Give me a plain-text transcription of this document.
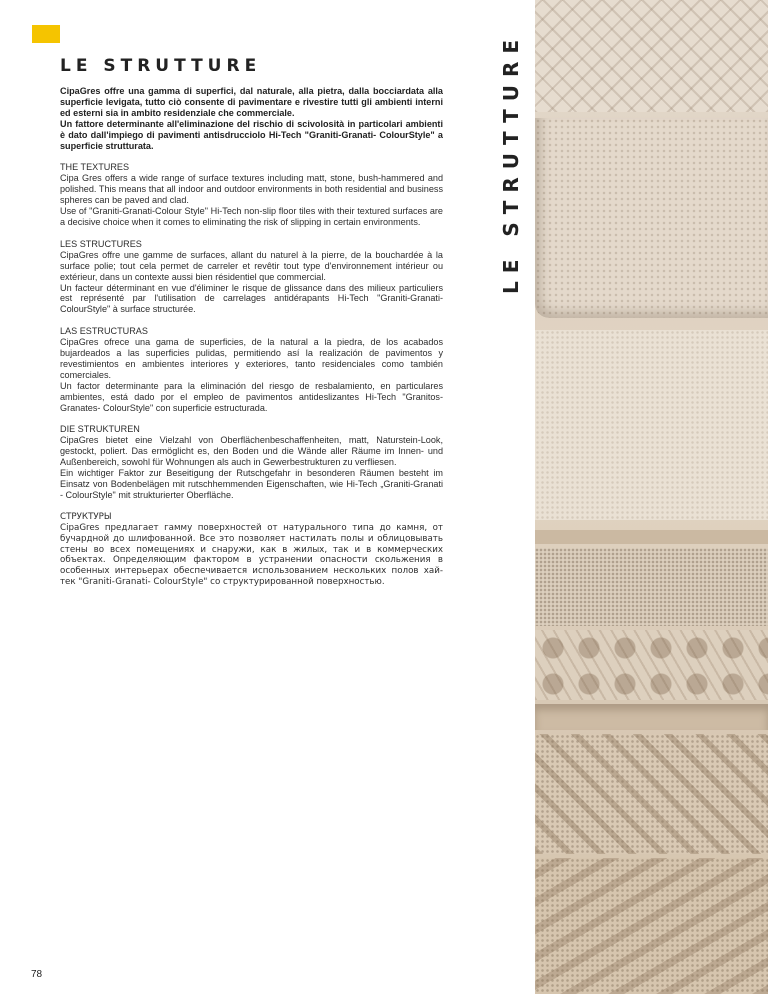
LE STRUTTURE

CipaGres offre una gamma di superfici, dal naturale, alla pietra, dalla bocciardata alla superficie levigata, tutto ciò consente di pavimentare e rivestire tutti gli ambienti interni ed esterni sia in ambito residenziale che commerciale.
Un fattore determinante all'eliminazione del rischio di scivolosità in particolari ambienti è dato dall'impiego di pavimenti antisdrucciolo Hi-Tech "Graniti-Granati- ColourStyle" a superficie strutturata.

THE TEXTURES
Cipa Gres offers a wide range of surface textures including matt, stone, bush-hammered and polished. This means that all indoor and outdoor environments in both residential and business spheres can be paved and clad.
Use of "Graniti-Granati-Colour Style" Hi-Tech non-slip floor tiles with their textured surfaces are a decisive choice when it comes to eliminating the risk of slipping in certain environments.

LES STRUCTURES
CipaGres offre une gamme de surfaces, allant du naturel à la pierre, de la bouchardée à la surface polie; tout cela permet de carreler et revêtir tout type d'environnement intérieur ou extérieur, dans un contexte aussi bien résidentiel que commercial.
Un facteur déterminant en vue d'éliminer le risque de glissance dans des milieux particuliers est représenté par l'utilisation de carrelages antidérapants Hi-Tech "Graniti-Granati-ColourStyle" à surface structurée.

LAS ESTRUCTURAS
CipaGres ofrece una gama de superficies, de la natural a la piedra, de los acabados bujardeados a las superficies pulidas, permitiendo así la realización de pavimentos y revestimientos en ambientes interiores y exteriores, tanto residenciales como también comerciales.
Un factor determinante para la eliminación del riesgo de resbalamiento, en particulares ambientes, está dado por el empleo de pavimentos antideslizantes Hi-Tech "Granitos-Granates- ColourStyle" con superficie estructurada.

DIE STRUKTUREN
CipaGres bietet eine Vielzahl von Oberflächenbeschaffenheiten, matt, Naturstein-Look, gestockt, poliert. Das ermöglicht es, den Boden und die Wände aller Räume im Innen- und Außenbereich, sowohl für Wohnungen als auch in Gewerbestrukturen zu verfliesen.
Ein wichtiger Faktor zur Beseitigung der Rutschgefahr in besonderen Räumen besteht im Einsatz von Bodenbelägen mit rutschhemmenden Eigenschaften, wie Hi-Tech „Graniti-Granati - ColourStyle" mit strukturierter Oberfläche.

СТРУКТУРЫ
CipaGres предлагает гамму поверхностей от натурального типа до камня, от бучардной до шлифованной. Все это позволяет настилать полы и облицовывать стены во всех помещениях и снаружи, как в жилых, так и в коммерческих объектах. Определяющим фактором в устранении опасности скольжения в особенных интерьерах обеспечивается использованием нескольких полов хай-тек "Graniti-Granati- ColourStyle" со структурированной поверхностью.

LE STRUTTURE

78
